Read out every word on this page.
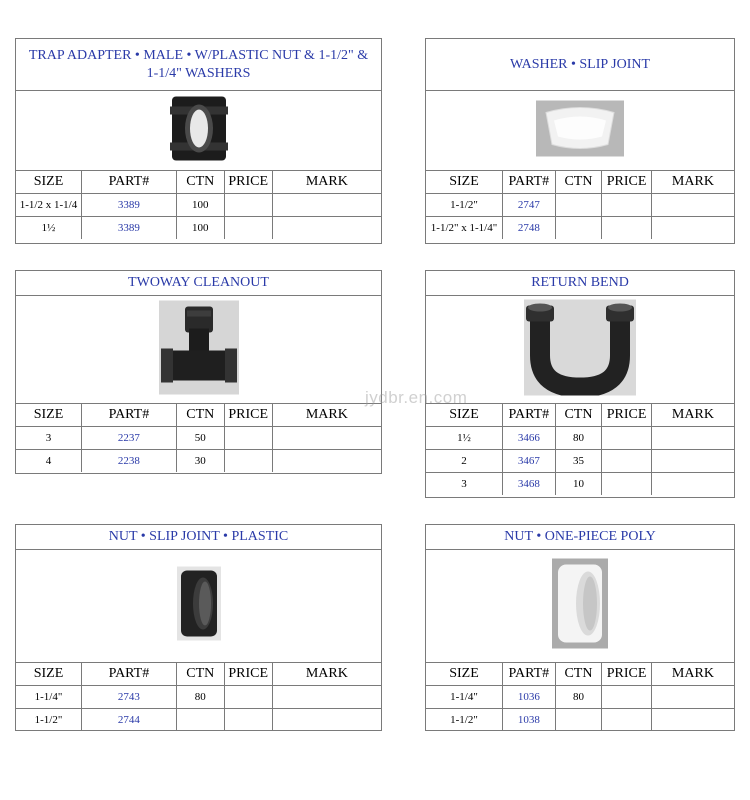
TRAP ADAPTER • MALE • W/PLASTIC NUT & 1-1/2" & 1-1/4" WASHERS
SIZE	PART#	CTN	PRICE	MARK
1-1/2 x 1-1/4	3389	100		
1½	3389	100		
WASHER • SLIP JOINT
SIZE	PART#	CTN	PRICE	MARK
1-1/2"	2747			
1-1/2" x 1-1/4"	2748			
TWOWAY CLEANOUT
SIZE	PART#	CTN	PRICE	MARK
3	2237	50		
4	2238	30		
RETURN BEND
SIZE	PART#	CTN	PRICE	MARK
1½	3466	80		
2	3467	35		
3	3468	10		
NUT • SLIP JOINT • PLASTIC
SIZE	PART#	CTN	PRICE	MARK
1-1/4"	2743	80		
1-1/2"	2744			
NUT • ONE-PIECE POLY
SIZE	PART#	CTN	PRICE	MARK
1-1/4"	1036	80		
1-1/2"	1038			
jydbr.en.com
